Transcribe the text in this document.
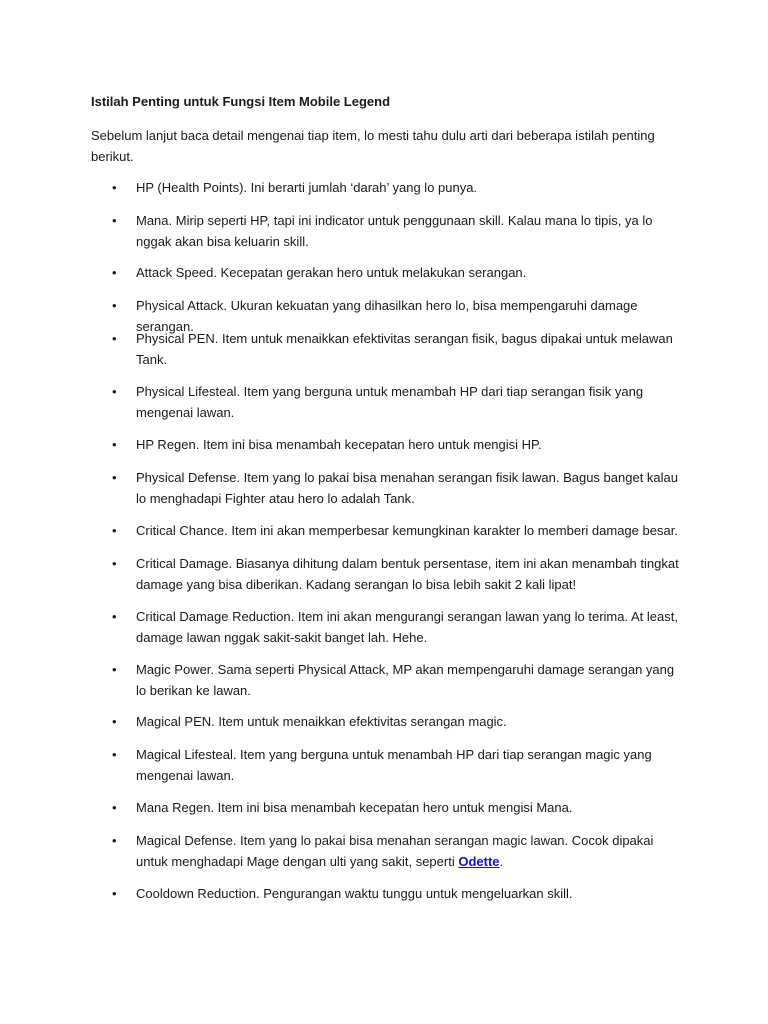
Istilah Penting untuk Fungsi Item Mobile Legend

Sebelum lanjut baca detail mengenai tiap item, lo mesti tahu dulu arti dari beberapa istilah penting berikut.

•	HP (Health Points). Ini berarti jumlah ‘darah’ yang lo punya.
•	Mana. Mirip seperti HP, tapi ini indicator untuk penggunaan skill. Kalau mana lo tipis, ya lo nggak akan bisa keluarin skill.
•	Attack Speed. Kecepatan gerakan hero untuk melakukan serangan.
•	Physical Attack. Ukuran kekuatan yang dihasilkan hero lo, bisa mempengaruhi damage serangan.
•	Physical PEN. Item untuk menaikkan efektivitas serangan fisik, bagus dipakai untuk melawan Tank.
•	Physical Lifesteal. Item yang berguna untuk menambah HP dari tiap serangan fisik yang mengenai lawan.
•	HP Regen. Item ini bisa menambah kecepatan hero untuk mengisi HP.
•	Physical Defense. Item yang lo pakai bisa menahan serangan fisik lawan. Bagus banget kalau lo menghadapi Fighter atau hero lo adalah Tank.
•	Critical Chance. Item ini akan memperbesar kemungkinan karakter lo memberi damage besar.
•	Critical Damage. Biasanya dihitung dalam bentuk persentase, item ini akan menambah tingkat damage yang bisa diberikan. Kadang serangan lo bisa lebih sakit 2 kali lipat!
•	Critical Damage Reduction. Item ini akan mengurangi serangan lawan yang lo terima. At least, damage lawan nggak sakit-sakit banget lah. Hehe.
•	Magic Power. Sama seperti Physical Attack, MP akan mempengaruhi damage serangan yang lo berikan ke lawan.
•	Magical PEN. Item untuk menaikkan efektivitas serangan magic.
•	Magical Lifesteal. Item yang berguna untuk menambah HP dari tiap serangan magic yang mengenai lawan.
•	Mana Regen. Item ini bisa menambah kecepatan hero untuk mengisi Mana.
•	Magical Defense. Item yang lo pakai bisa menahan serangan magic lawan. Cocok dipakai untuk menghadapi Mage dengan ulti yang sakit, seperti Odette.
•	Cooldown Reduction. Pengurangan waktu tunggu untuk mengeluarkan skill.
